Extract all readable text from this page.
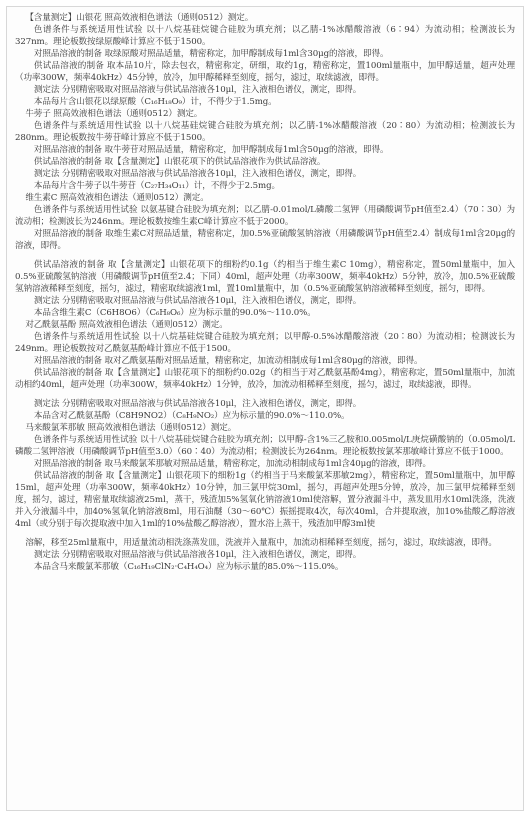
【含量测定】山银花 照高效液相色谱法（通则0512）测定。

色谱条件与系统适用性试验 以十八烷基硅烷键合硅胶为填充剂；以乙腈-1%冰醋酸溶液（6∶94）为流动相；检测波长为327nm。理论板数按绿原酸峰计算应不低于1500。

对照品溶液的制备 取绿原酸对照品适量，精密称定，加甲醇制成每1ml含30μg的溶液，即得。

供试品溶液的制备 取本品10片，除去包衣，精密称定，研细，取约1g，精密称定，置100ml量瓶中，加甲醇适量，超声处理（功率300W，频率40kHz）45分钟，放冷，加甲醇稀释至刻度，摇匀，滤过，取续滤液，即得。

测定法 分别精密吸取对照品溶液与供试品溶液各10μl，注入液相色谱仪，测定，即得。

本品每片含山银花以绿原酸（C₁₆H₁₈O₉）计，不得少于1.5mg。

牛蒡子 照高效液相色谱法（通则0512）测定。

色谱条件与系统适用性试验 以十八烷基硅烷键合硅胶为填充剂；以乙腈-1%冰醋酸溶液（20∶80）为流动相；检测波长为280nm。理论板数按牛蒡苷峰计算应不低于1500。

对照品溶液的制备 取牛蒡苷对照品适量，精密称定，加甲醇制成每1ml含50μg的溶液，即得。

供试品溶液的制备 取【含量测定】山银花项下的供试品溶液作为供试品溶液。

测定法 分别精密吸取对照品溶液与供试品溶液各10μl，注入液相色谱仪，测定，即得。

本品每片含牛蒡子以牛蒡苷（C₂₇H₃₄O₁₁）计，不得少于2.5mg。

维生素C 照高效液相色谱法（通则0512）测定。

色谱条件与系统适用性试验 以氨基键合硅胶为填充剂；以乙腈-0.01mol/L磷酸二氢钾（用磷酸调节pH值至2.4）（70∶30）为流动相；检测波长为246nm。理论板数按维生素C峰计算应不低于2000。

对照品溶液的制备 取维生素C对照品适量，精密称定，加0.5%亚硫酸氢钠溶液（用磷酸调节pH值至2.4）制成每1ml含20μg的溶液，即得。

供试品溶液的制备 取【含量测定】山银花项下的细粉约0.1g（约相当于维生素C 10mg），精密称定，置50ml量瓶中，加入0.5%亚硫酸氢钠溶液（用磷酸调节pH值至2.4；下同）40ml，超声处理（功率300W，频率40kHz）5分钟，放冷，加0.5%亚硫酸氢钠溶液稀释至刻度，摇匀，滤过，精密取续滤液1ml，置10ml量瓶中，加（0.5%亚硫酸氢钠溶液稀释至刻度，摇匀，即得。

测定法 分别精密吸取对照品溶液与供试品溶液各10μl，注入液相色谱仪，测定，即得。

本品含维生素C（C6H8O6）（C₆H₈O₆）应为标示量的90.0%～110.0%。

对乙酰氨基酚 照高效液相色谱法（通则0512）测定。

色谱条件与系统适用性试验 以十八烷基硅烷键合硅胶为填充剂；以甲醇-0.5%冰醋酸溶液（20∶80）为流动相；检测波长为249nm。理论板数按对乙酰氨基酚峰计算应不低于1500。

对照品溶液的制备 取对乙酰氨基酚对照品适量，精密称定，加流动相制成每1ml含80μg的溶液，即得。

供试品溶液的制备 取【含量测定】山银花项下的细粉约0.02g（约相当于对乙酰氨基酚4mg），精密称定，置50ml量瓶中，加流动相约40ml，超声处理（功率300W，频率40kHz）1分钟，放冷，加流动相稀释至刻度，摇匀，滤过，取续滤液，即得。

测定法 分别精密吸取对照品溶液与供试品溶液各10μl，注入液相色谱仪，测定，即得。

本品含对乙酰氨基酚（C8H9NO2）（C₈H₉NO₂）应为标示量的90.0%～110.0%。

马来酸氯苯那敏 照高效液相色谱法（通则0512）测定。

色谱条件与系统适用性试验 以十八烷基硅烷键合硅胶为填充剂；以甲醇-含1%三乙胺和0.005mol/L庚烷磺酸钠的（0.05mol/L磷酸二氢钾溶液（用磷酸调节pH值至3.0）（60∶40）为流动相；检测波长为264nm。理论板数按氯苯那敏峰计算应不低于1000。

对照品溶液的制备 取马来酸氯苯那敏对照品适量，精密称定，加流动相制成每1ml含40μg的溶液，即得。

供试品溶液的制备 取【含量测定】山银花项下的细粉1g（约相当于马来酸氯苯那敏2mg），精密称定，置50ml量瓶中，加甲醇15ml，超声处理（功率300W，频率40kHz）10分钟，加三氯甲烷30ml，摇匀，再超声处理5分钟，放冷，加三氯甲烷稀释至刻度，摇匀，滤过，精密量取续滤液25ml，蒸干，残渣加5%氢氧化钠溶液10ml使溶解，置分液漏斗中，蒸发皿用水10ml洗涤，洗液并入分液漏斗中，加40%氢氧化钠溶液8ml，用石油醚（30～60℃）振摇提取4次，每次40ml，合并提取液，加10%盐酸乙醇溶液4ml（或分别于每次提取液中加入1ml的10%盐酸乙醇溶液），置水浴上蒸干，残渣加甲醇3ml使

溶解，移至25ml量瓶中，用适量流动相洗涤蒸发皿，洗液并入量瓶中，加流动相稀释至刻度，摇匀，滤过，取续滤液，即得。

测定法 分别精密吸取对照品溶液与供试品溶液各10μl，注入液相色谱仪，测定，即得。

本品含马来酸氯苯那敏（C₁₆H₁₉ClN₂·C₄H₄O₄）应为标示量的85.0%～115.0%。
